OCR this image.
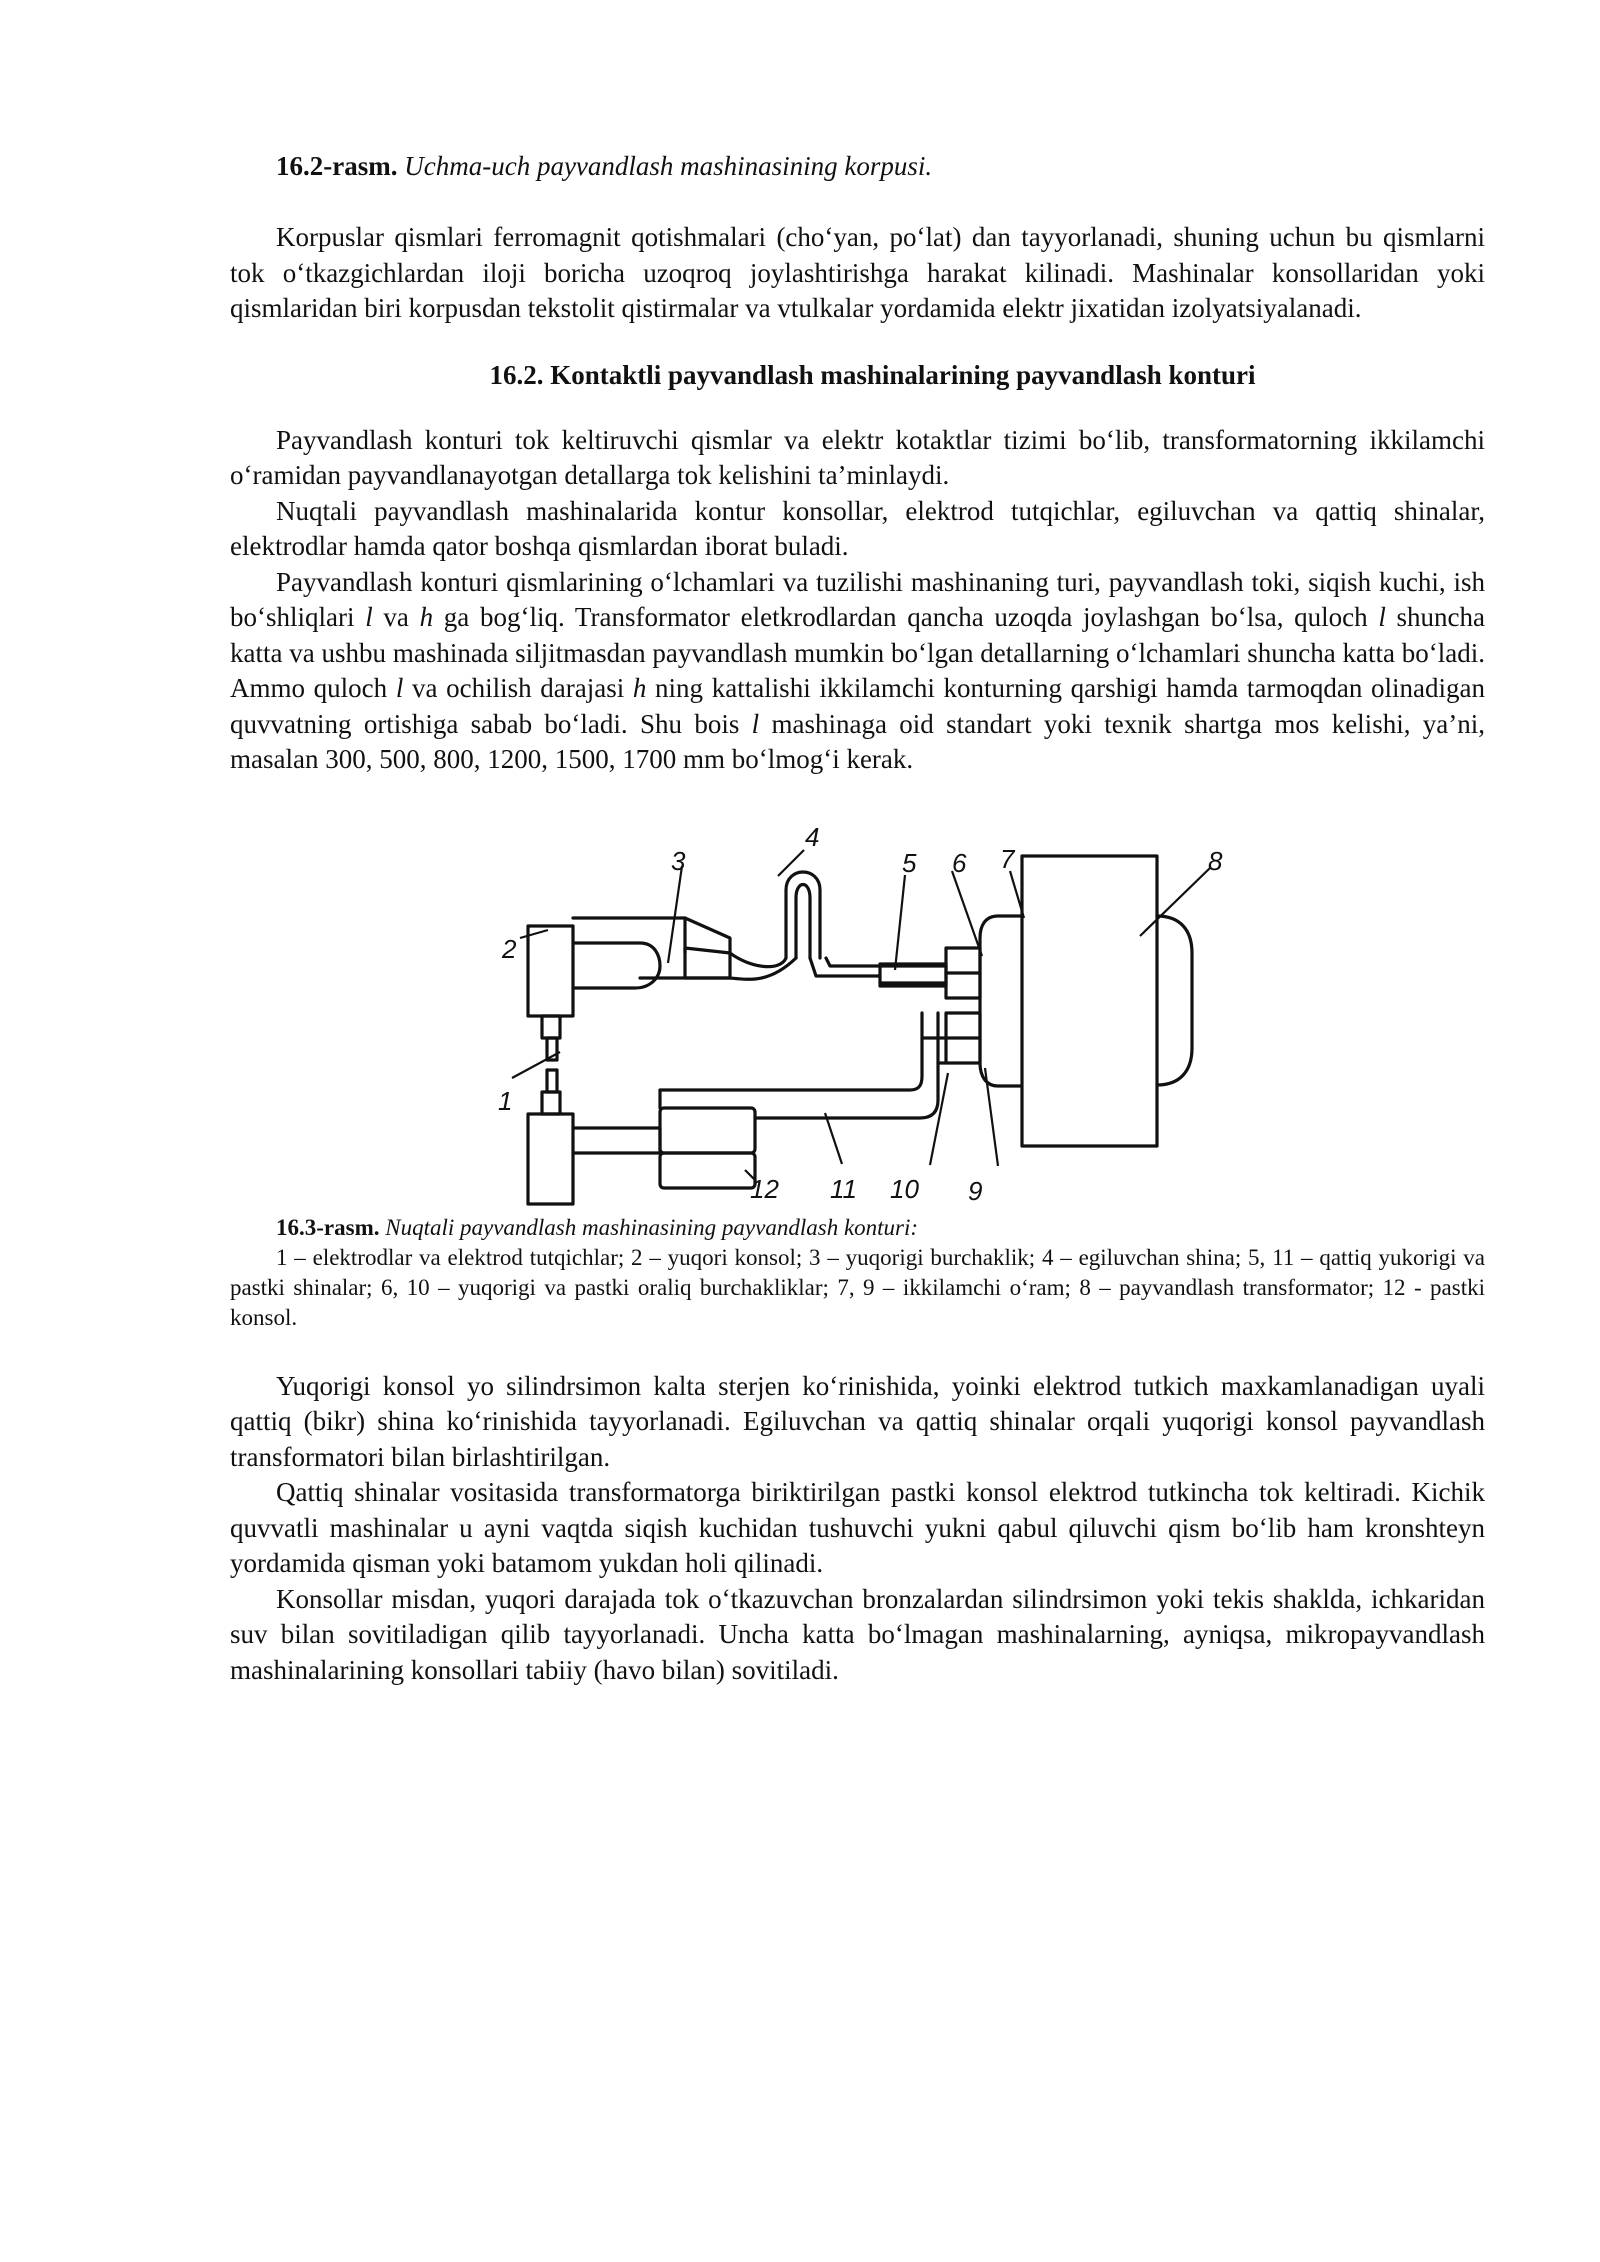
16.2-rasm. Uchma-uch payvandlash mashinasining korpusi.

Korpuslar qismlari ferromagnit qotishmalari (cho‘yan, po‘lat) dan tayyorlanadi, shuning uchun bu qismlarni tok o‘tkazgichlardan iloji boricha uzoqroq joylashtirishga harakat kilinadi. Mashinalar konsollaridan yoki qismlaridan biri korpusdan tekstolit qistirmalar va vtulkalar yordamida elektr jixatidan izolyatsiyalanadi.

16.2. Kontaktli payvandlash mashinalarining payvandlash konturi

Payvandlash konturi tok keltiruvchi qismlar va elektr kotaktlar tizimi bo‘lib, transformatorning ikkilamchi o‘ramidan payvandlanayotgan detallarga tok kelishini ta’minlaydi.

Nuqtali payvandlash mashinalarida kontur konsollar, elektrod tutqichlar, egiluvchan va qattiq shinalar, elektrodlar hamda qator boshqa qismlardan iborat buladi.

Payvandlash konturi qismlarining o‘lchamlari va tuzilishi mashinaning turi, payvandlash toki, siqish kuchi, ish bo‘shliqlari l va h ga bog‘liq. Transformator eletkrodlardan qancha uzoqda joylashgan bo‘lsa, quloch l shuncha katta va ushbu mashinada siljitmasdan payvandlash mumkin bo‘lgan detallarning o‘lchamlari shuncha katta bo‘ladi. Ammo quloch l va ochilish darajasi h ning kattalishi ikkilamchi konturning qarshigi hamda tarmoqdan olinadigan quvvatning ortishiga sabab bo‘ladi. Shu bois l mashinaga oid standart yoki texnik shartga mos kelishi, ya’ni, masalan 300, 500, 800, 1200, 1500, 1700 mm bo‘lmog‘i kerak.

3
4
5 6 7	8
2
1
12 11 10 9
16.3-rasm. Nuqtali payvandlash mashinasining payvandlash konturi:

1 – elektrodlar va elektrod tutqichlar; 2 – yuqori konsol; 3 – yuqorigi burchaklik; 4 – egiluvchan shina; 5, 11 – qattiq yukorigi va pastki shinalar; 6, 10 – yuqorigi va pastki oraliq burchakliklar; 7, 9 – ikkilamchi o‘ram; 8 – payvandlash transformator; 12 - pastki konsol.

Yuqorigi konsol yo silindrsimon kalta sterjen ko‘rinishida, yoinki elektrod tutkich maxkamlanadigan uyali qattiq (bikr) shina ko‘rinishida tayyorlanadi. Egiluvchan va qattiq shinalar orqali yuqorigi konsol payvandlash transformatori bilan birlashtirilgan.

Qattiq shinalar vositasida transformatorga biriktirilgan pastki konsol elektrod tutkincha tok keltiradi. Kichik quvvatli mashinalar u ayni vaqtda siqish kuchidan tushuvchi yukni qabul qiluvchi qism bo‘lib ham kronshteyn yordamida qisman yoki batamom yukdan holi qilinadi.

Konsollar misdan, yuqori darajada tok o‘tkazuvchan bronzalardan silindrsimon yoki tekis shaklda, ichkaridan suv bilan sovitiladigan qilib tayyorlanadi. Uncha katta bo‘lmagan mashinalarning, ayniqsa, mikropayvandlash mashinalarining konsollari tabiiy (havo bilan) sovitiladi.
